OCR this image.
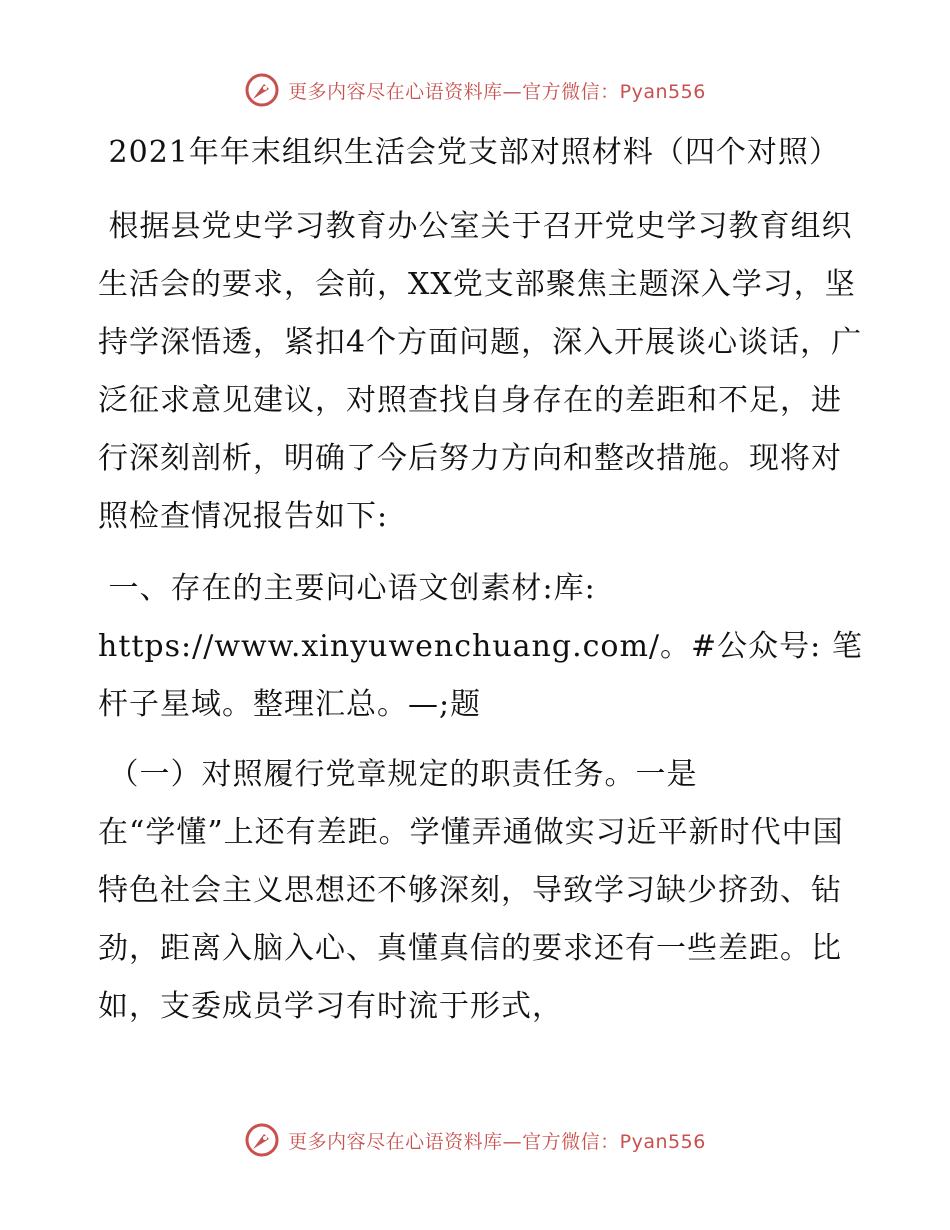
更多内容尽在心语资料库—官方微信：Pyan556

2021年年末组织生活会党支部对照材料（四个对照）

根据县党史学习教育办公室关于召开党史学习教育组织生活会的要求，会前，XX党支部聚焦主题深入学习，坚持学深悟透，紧扣4个方面问题，深入开展谈心谈话，广泛征求意见建议，对照查找自身存在的差距和不足，进行深刻剖析，明确了今后努力方向和整改措施。现将对照检查情况报告如下:

一、存在的主要问心语文创素材:库: https://www.xinyuwenchuang.com/。#公众号: 笔杆子星域。整理汇总。—;题

（一）对照履行党章规定的职责任务。一是
在“学懂”上还有差距。学懂弄通做实习近平新时代中国特色社会主义思想还不够深刻，导致学习缺少挤劲、钻劲，距离入脑入心、真懂真信的要求还有一些差距。比如，支委成员学习有时流于形式，

更多内容尽在心语资料库—官方微信：Pyan556
